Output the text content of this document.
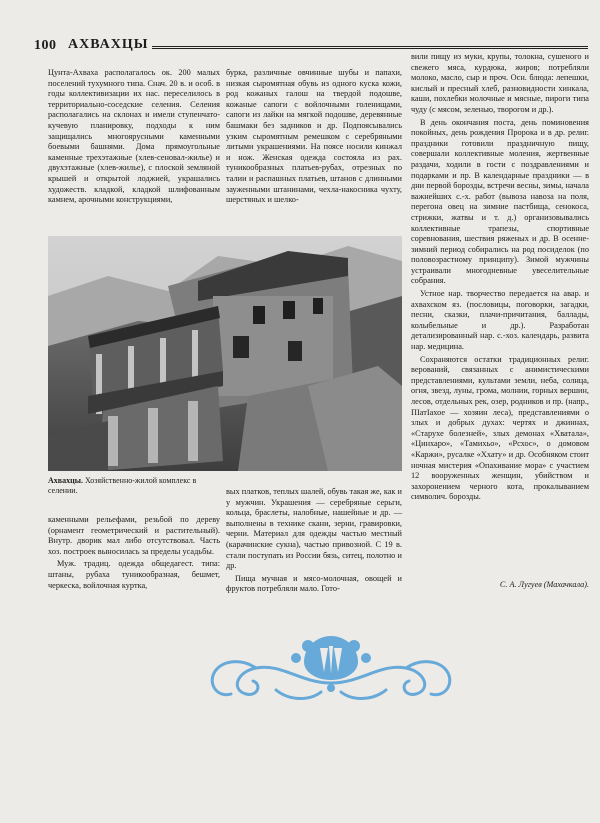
100 АХВАХЦЫ

Цунта-Ахваха располагалось ок. 200 малых поселений тухумного типа. Снач. 20 в. и особ. в годы коллективизации их нас. переселилось в территориально-соседские селения. Селения располагались на склонах и имели ступенчато-кучевую планировку, подходы к ним защищались многоярусными каменными боевыми башнями. Дома прямоугольные каменные трехэтажные (хлев-сеновал-жилье) и двухэтажные (хлев-жилье), с плоской земляной крышей и открытой лоджией, украшались художеств. кладкой, кладкой шлифованным камнем, арочными конструкциями,

бурка, различные овчинные шубы и папахи, низкая сыромятная обувь из одного куска кожи, род кожаных галош на твердой подошве, кожаные сапоги с войлочными голенищами, сапоги из лайки на мягкой подошве, деревянные башмаки без задников и др. Подпоясывались узким сыромятным ремешком с серебряными литыми украшениями. На поясе носили кинжал и нож. Женская одежда состояла из рах. туникообразных платьев-рубах, отрезных по талии и распашных платьев, штанов с длинными зауженными штанинами, чехла-накосника чухту, шерстяных и шелко-

вили пищу из муки, крупы, толокна, сушеного и свежего мяса, курдюка, жиров; потребляли молоко, масло, сыр и проч. Осн. блюда: лепешки, кислый и пресный хлеб, разновидности хинкала, каши, похлебки молочные и мясные, пироги типа чуду (с мясом, зеленью, творогом и др.).

В день окончания поста, день поминовения покойных, день рождения Пророка и в др. религ. праздники готовили праздничную пищу, совершали коллективные моления, жертвенные раздачи, ходили в гости с поздравлениями и подарками и пр. В календарные праздники — в дни первой борозды, встречи весны, зимы, начала важнейших с.-х. работ (вывоза навоза на поля, перегона овец на зимние пастбища, сенокоса, стрижки, жатвы и т. д.) организовывались коллективные трапезы, спортивные соревнования, шествия ряженых и др. В осенне-зимний период собирались на род посиделок (по половозрастному принципу). Зимой мужчины устраивали многодневные увеселительные собрания.

Устное нар. творчество передается на авар. и ахвахском яз. (пословицы, поговорки, загадки, песни, сказки, плачи-причитания, баллады, колыбельные и др.). Разработан детализированный нар. с.-хоз. календарь, развита нар. медицина.

Сохраняются остатки традиционных религ. верований, связанных с анимистическими представлениями, культами земли, неба, солнца, огня, звезд, луны, грома, молнии, горных вершин, лесов, отдельных рек, озер, родников и пр. (напр., ПІатІахое — хозяин леса), представлениями о злых и добрых духах: чертях и джиннах, «Старухе болезней», злых демонах «Хватала», «Цинхаро», «Тамихьо», «Рсхос», о домовом «Каржи», русалке «Ххату» и др. Особняком стоит ночная мистерия «Опахивание мора» с участием 12 вооруженных женщин, убийством и захоронением черного кота, прокалыванием символич. борозды.

Ахвахцы. Хозяйственно-жилой комплекс в селении.

каменными рельефами, резьбой по дереву (орнамент геометрический и растительный). Внутр. дворик мал либо отсутствовал. Часть хоз. построек выносилась за пределы усадьбы.

Муж. традиц. одежда общедагест. типа: штаны, рубаха туникообразная, бешмет, черкеска, войлочная куртка,

вых платков, теплых шалей, обувь такая же, как и у мужчин. Украшения — серебряные серьги, кольца, браслеты, налобные, нашейные и др. — выполнены в технике скани, зерни, гравировки, черни. Материал для одежды частью местный (карачинские сукна), частью привозной. С 19 в. стали поступать из России бязь, ситец, полотно и др.

Пища мучная и мясо-молочная, овощей и фруктов потребляли мало. Гото-	С. А. Лугуев (Махачкала).
